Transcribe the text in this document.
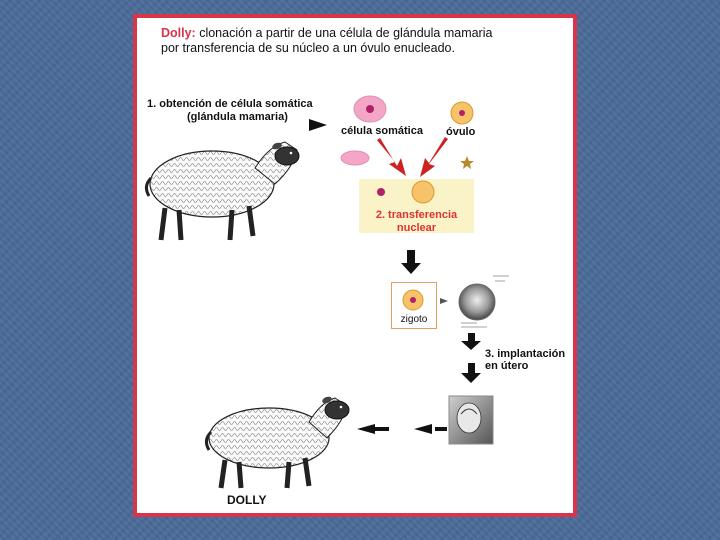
Dolly: clonación a partir de una célula de glándula mamaria
por transferencia de su núcleo a un óvulo enucleado.
1. obtención de célula somática
(glándula mamaria)
célula somática óvulo
2. transferencia
nuclear
zigoto
3. implantación
en útero
DOLLY
